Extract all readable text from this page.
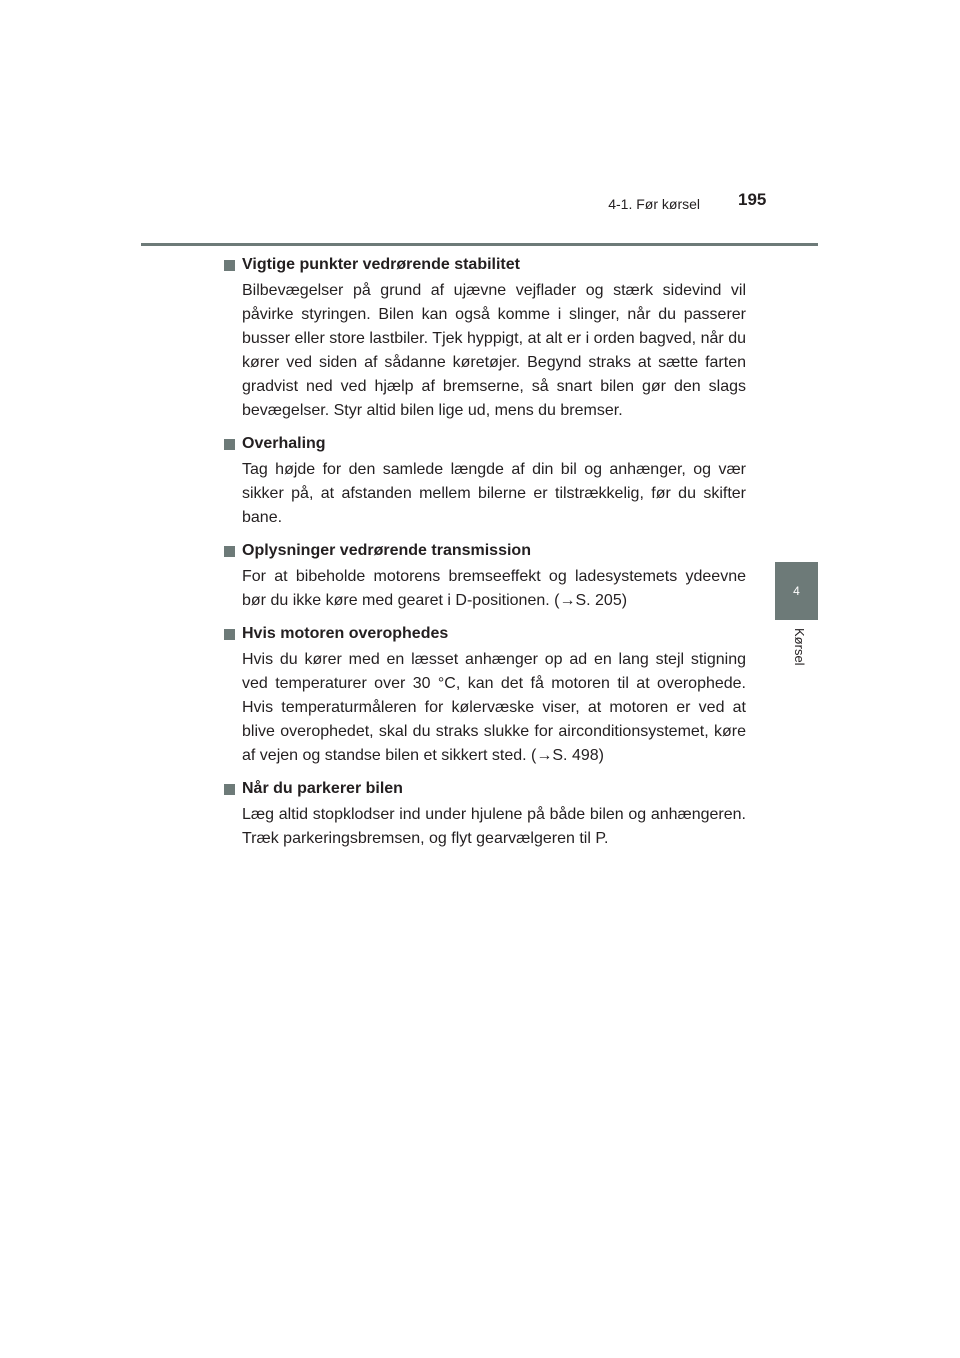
4-1. Før kørsel 195
4
Kørsel
Vigtige punkter vedrørende stabilitet
Bilbevægelser på grund af ujævne vejflader og stærk sidevind vil påvirke styringen. Bilen kan også komme i slinger, når du passerer busser eller store lastbiler. Tjek hyppigt, at alt er i orden bagved, når du kører ved siden af sådanne køretøjer. Begynd straks at sætte farten gradvist ned ved hjælp af bremserne, så snart bilen gør den slags bevægelser. Styr altid bilen lige ud, mens du bremser.
Overhaling
Tag højde for den samlede længde af din bil og anhænger, og vær sikker på, at afstanden mellem bilerne er tilstrækkelig, før du skifter bane.
Oplysninger vedrørende transmission
For at bibeholde motorens bremseeffekt og ladesystemets ydeevne bør du ikke køre med gearet i D-positionen. (→S. 205)
Hvis motoren overophedes
Hvis du kører med en læsset anhænger op ad en lang stejl stigning ved temperaturer over 30 °C, kan det få motoren til at overophede. Hvis temperaturmåleren for kølervæske viser, at motoren er ved at blive overophedet, skal du straks slukke for airconditionsystemet, køre af vejen og standse bilen et sikkert sted. (→S. 498)
Når du parkerer bilen
Læg altid stopklodser ind under hjulene på både bilen og anhængeren. Træk parkeringsbremsen, og flyt gearvælgeren til P.
